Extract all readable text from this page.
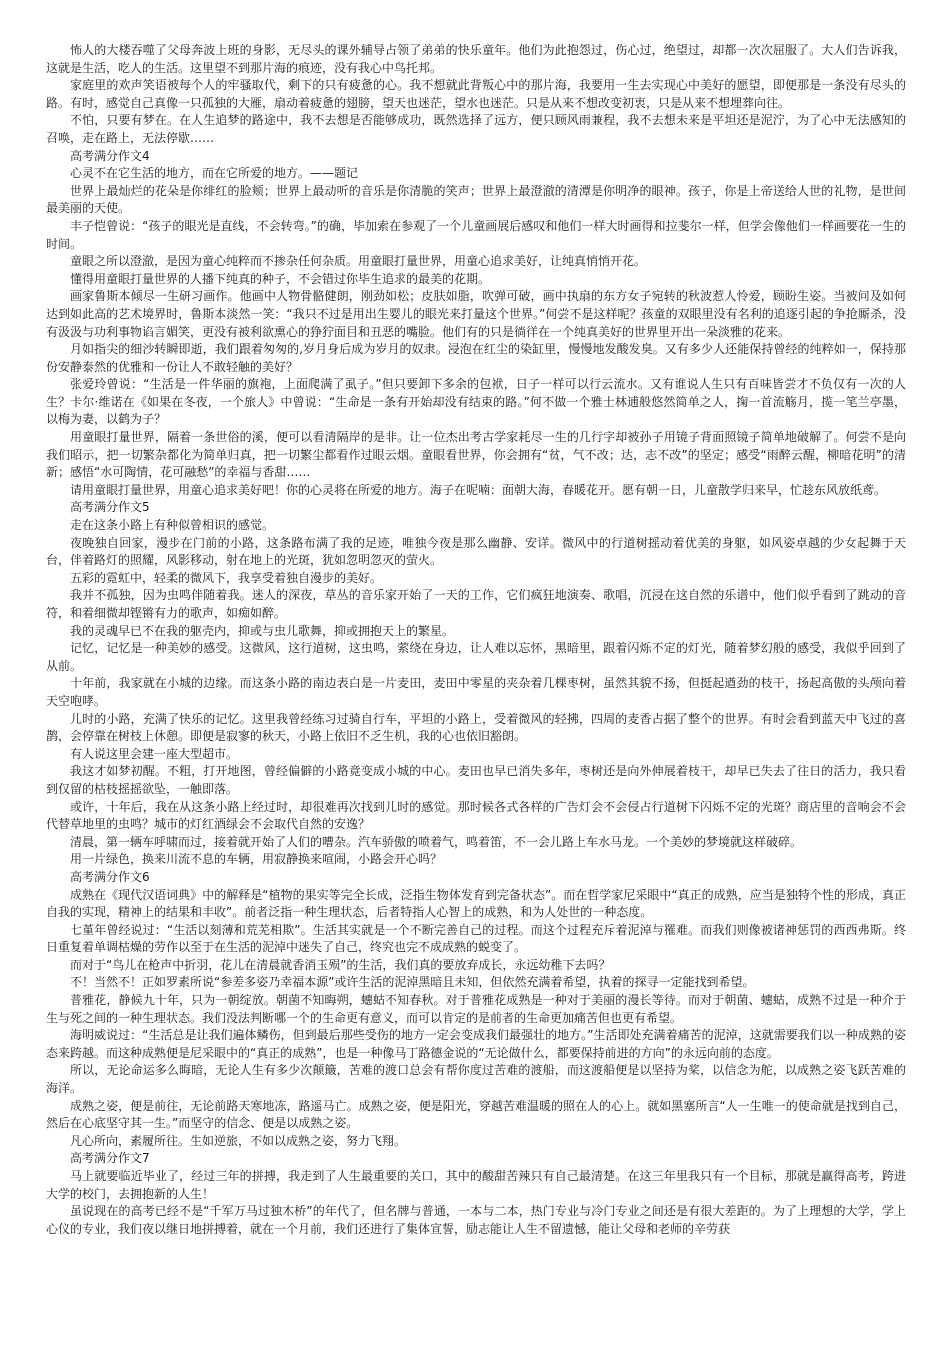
怖人的大楼吞噬了父母奔波上班的身影，无尽头的课外辅导占领了弟弟的快乐童年。他们为此抱怨过，伤心过，绝望过，却都一次次屈服了。大人们告诉我，这就是生活，吃人的生活。这里望不到那片海的痕迹，没有我心中鸟托邦。

家庭里的欢声笑语被每个人的牢骚取代，剩下的只有疲惫的心。我不想就此背叛心中的那片海，我要用一生去实现心中美好的愿望，即便那是一条没有尽头的路。有时，感觉自己真像一只孤独的大雁，扇动着疲惫的翅膀，望天也迷茫，望水也迷茫。只是从来不想改变初衷，只是从来不想埋葬向往。

不怕，只要有梦在。在人生追梦的路途中，我不去想是否能够成功，既然选择了远方，便只顾风雨兼程，我不去想未来是平坦还是泥泞，为了心中无法感知的召唤，走在路上，无法停歇……

高考满分作文4

心灵不在它生活的地方，而在它所爱的地方。——题记

世界上最灿烂的花朵是你绯红的脸颊；世界上最动听的音乐是你清脆的笑声；世界上最澄澈的清潭是你明净的眼神。孩子，你是上帝送给人世的礼物，是世间最美丽的天使。

丰子恺曾说：“孩子的眼光是直线，不会转弯。”的确，毕加索在参观了一个儿童画展后感叹和他们一样大时画得和拉斐尔一样，但学会像他们一样画要花一生的时间。

童眼之所以澄澈，是因为童心纯粹而不掺杂任何杂质。用童眼打量世界，用童心追求美好，让纯真悄悄开花。

懂得用童眼打量世界的人播下纯真的种子，不会错过你毕生追求的最美的花期。

画家鲁斯本倾尽一生研习画作。他画中人物骨骼健朗，刚劲如松；皮肤如脂，吹弹可破，画中执扇的东方女子宛转的秋波惹人怜爱，顾盼生姿。当被问及如何达到如此高的艺术境界时，鲁斯本淡然一笑：“我只不过是用出生婴儿的眼光来打量这个世界。”何尝不是这样呢？孩童的双眼里没有名利的追逐引起的争抢厮杀，没有汲汲与功利事物谄言媚笑，更没有被利欲熏心的狰狞面目和丑恶的嘴脸。他们有的只是徜徉在一个纯真美好的世界里开出一朵淡雅的花来。

月如指尖的细沙转瞬即逝，我们跟着匆匆的,岁月身后成为岁月的奴隶。浸泡在红尘的染缸里，慢慢地发酸发臭。又有多少人还能保持曾经的纯粹如一，保持那份安静泰然的优雅和一份让人不敢轻触的美好？

张爱玲曾说：“生活是一件华丽的旗袍，上面爬满了虱子。”但只要卸下多余的包袱，日子一样可以行云流水。又有谁说人生只有百味皆尝才不负仅有一次的人生？卡尔·维诺在《如果在冬夜，一个旅人》中曾说：“生命是一条有开始却没有结束的路。”何不做一个雅士林逋般悠然简单之人，掬一首流觞月，揽一笔兰亭墨，以梅为妻，以鹤为子？

用童眼打量世界，隔着一条世俗的溪，便可以看清隔岸的是非。让一位杰出考古学家耗尽一生的几行字却被孙子用镜子背面照镜子简单地破解了。何尝不是向我们昭示，把一切繁杂都化为简单归真，把一切繁尘都看作过眼云烟。童眼看世界，你会拥有“贫，气不改；达，志不改”的坚定；感受“雨醉云醒，柳暗花明”的清新；感悟“水可陶情，花可融愁”的幸福与香甜……

请用童眼打量世界，用童心追求美好吧！你的心灵将在所爱的地方。海子在呢喃：面朝大海，春暖花开。愿有朝一日，儿童散学归来早，忙趁东风放纸鸢。

高考满分作文5

走在这条小路上有种似曾相识的感觉。

夜晚独自回家，漫步在门前的小路，这条路布满了我的足迹，唯独今夜是那么幽静、安详。微风中的行道树摇动着优美的身躯，如风姿卓越的少女起舞于天台，伴着路灯的照耀，风影移动，射在地上的光斑，犹如忽明忽灭的萤火。

五彩的霓虹中，轻柔的微风下，我享受着独自漫步的美好。

我并不孤独，因为虫鸣伴随着我。迷人的深夜，草丛的音乐家开始了一天的工作，它们疯狂地演奏、歌唱，沉浸在这自然的乐谱中，他们似乎看到了跳动的音符，和着细微却铿锵有力的歌声，如痴如醉。

我的灵魂早已不在我的躯壳内，抑或与虫儿歌舞，抑或拥抱天上的繁星。

记忆，记忆是一种美妙的感受。这微风，这行道树，这虫鸣，萦绕在身边，让人难以忘怀，黑暗里，跟着闪烁不定的灯光，随着梦幻般的感受，我似乎回到了从前。

十年前，我家就在小城的边缘。而这条小路的南边表白是一片麦田，麦田中零星的夹杂着几棵枣树，虽然其貌不扬，但挺起遒劲的枝干，扬起高傲的头颅向着天空咆哮。

儿时的小路，充满了快乐的记忆。这里我曾经练习过骑自行车，平坦的小路上，受着微风的轻拂，四周的麦香占据了整个的世界。有时会看到蓝天中飞过的喜鹊，会停靠在树枝上休憩。即便是寂寥的秋天，小路上依旧不乏生机，我的心也依旧豁朗。

有人说这里会建一座大型超市。

我这才如梦初醒。不粗，打开地图，曾经偏僻的小路竟变成小城的中心。麦田也早已消失多年，枣树还是向外伸展着枝干，却早已失去了往日的活力，我只看到仅留的枯枝摇摇欲坠，一触即落。

或许，十年后，我在从这条小路上经过时，却很难再次找到儿时的感觉。那时候各式各样的广告灯会不会侵占行道树下闪烁不定的光斑？商店里的音响会不会代替草地里的虫鸣？城市的灯红酒绿会不会取代自然的安逸？

清晨，第一辆车呼啸而过，接着就开始了人们的嘈杂。汽车骄傲的喷着气，鸣着笛，不一会儿路上车水马龙。一个美妙的梦境就这样破碎。

用一片绿色，换来川流不息的车辆，用寂静换来喧闹，小路会开心吗？

高考满分作文6

成熟在《现代汉语词典》中的解释是“植物的果实等完全长成，泛指生物体发育到完备状态”。而在哲学家尼采眼中“真正的成熟，应当是独特个性的形成，真正自我的实现，精神上的结果和丰收”。前者泛指一种生理状态，后者特指人心智上的成熟，和为人处世的一种态度。

七堇年曾经说过：“生活以刻薄和荒芜相欺”。生活其实就是一个不断完善自己的过程。而这个过程充斥着泥淖与罹难。而我们则像被诸神惩罚的西西弗斯。终日重复着单调枯燥的劳作以至于在生活的泥淖中迷失了自己，终究也完不成成熟的蜕变了。

而对于“鸟儿在枪声中折羽，花儿在清晨就香消玉殒”的生活，我们真的要放弃成长，永远幼稚下去吗？

不！当然不！正如罗素所说“参差多姿乃幸福本源”或许生活的泥淖黑暗且未知，但依然充满着希望，执着的探寻一定能找到希望。

普雅花，静候九十年，只为一朝绽放。朝菌不知晦朔，蟪蛄不知春秋。对于普雅花成熟是一种对于美丽的漫长等待。而对于朝菌、蟪蛄，成熟不过是一种介于生与死之间的一种生理状态。我们没法判断哪一个的生命更有意义，而可以肯定的是前者的生命更加痛苦但也更有希望。

海明威说过：“生活总是让我们遍体鳞伤，但到最后那些受伤的地方一定会变成我们最强壮的地方。”生活即处充满着痛苦的泥淖，这就需要我们以一种成熟的姿态来跨越。而这种成熟便是尼采眼中的“真正的成熟”，也是一种像马丁路德金说的“无论做什么，都要保持前进的方向”的永远向前的态度。

所以，无论命运多么晦暗，无论人生有多少次颠簸，苦难的渡口总会有帮你度过苦难的渡船，而这渡船便是以坚持为桨，以信念为舵，以成熟之姿飞跃苦难的海洋。

成熟之姿，便是前往，无论前路天寒地冻，路遥马亡。成熟之姿，便是阳光，穿越苦难温暖的照在人的心上。就如黑塞所言“人一生唯一的使命就是找到自己，然后在心底坚守其一生。”而坚守的信念、便是以成熟之姿。

凡心所向，素履所往。生如逆旅，不如以成熟之姿，努力飞翔。

高考满分作文7

马上就要临近毕业了，经过三年的拼搏，我走到了人生最重要的关口，其中的酸甜苦辣只有自己最清楚。在这三年里我只有一个目标，那就是赢得高考，跨进大学的校门，去拥抱新的人生！

虽说现在的高考已经不是“千军万马过独木桥”的年代了，但名牌与普通，一本与二本，热门专业与冷门专业之间还是有很大差距的。为了上理想的大学，学上心仪的专业，我们夜以继日地拼搏着，就在一个月前，我们还进行了集体宣誓，励志能让人生不留遗憾，能让父母和老师的辛劳获
